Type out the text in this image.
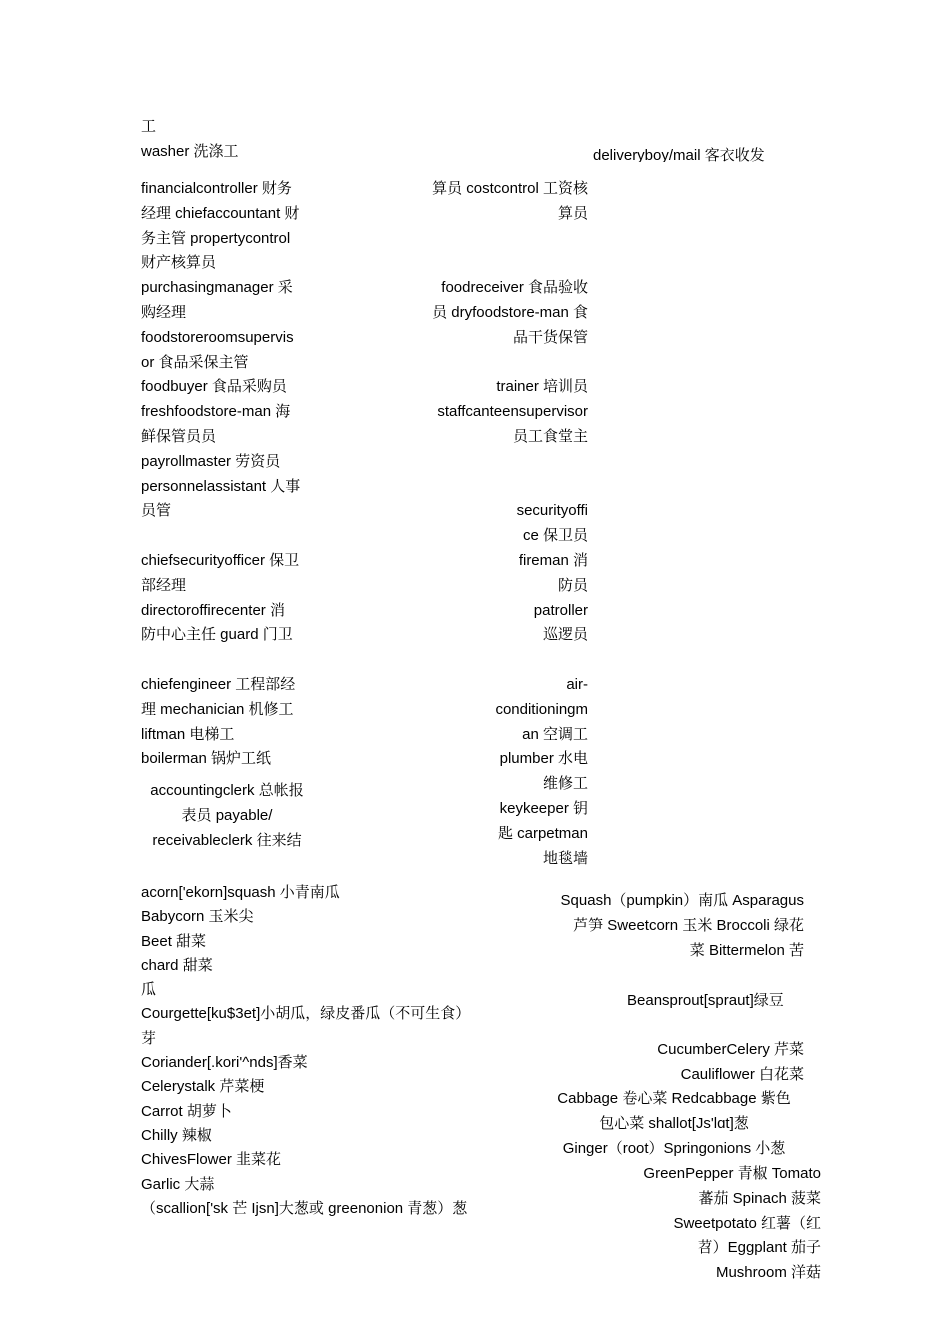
工
washer 洗涤工	deliveryboy/mail 客衣收发
financialcontroller 财务
经理 chiefaccountant 财
务主管 propertycontrol
财产核算员
purchasingmanager 采
购经理
foodstoreroomsupervis
or 食品采保主管
foodbuyer 食品采购员
freshfoodstore-man 海
鲜保管员员
payrollmaster 劳资员
personnelassistant 人事
员管

chiefsecurityofficer 保卫
部经理
directoroffirecenter 消
防中心主任 guard 门卫

chiefengineer 工程部经
理 mechanician 机修工
liftman 电梯工
boilerman 锅炉工纸
accountingclerk 总帐报
表员 payable/
receivableclerk 往来结
算员 costcontrol 工资核
算员

foodreceiver 食品验收
员 dryfoodstore-man 食
品干货保管

trainer 培训员
staffcanteensupervisor
员工食堂主

securityoffi
ce 保卫员
fireman 消
防员
patroller
巡逻员

air-
conditioningm
an 空调工
plumber 水电
维修工
keykeeper 钥
匙 carpetman
地毯墙
acorn['ekorn]squash 小青南瓜
Babycorn 玉米尖
Beet 甜菜
chard 甜菜
瓜
Courgette[ku$3et]小胡瓜，绿皮番瓜（不可生食）
芽
Coriander[.kori'^nds]香菜
Celerystalk 芹菜梗
Carrot 胡萝卜
Chilly 辣椒
ChivesFlower 韭菜花
Garlic 大蒜
（scallion['sk 芒 Ijsn]大葱或 greenonion 青葱）葱
Squash（pumpkin）南瓜 Asparagus
芦笋 Sweetcorn 玉米 Broccoli 绿花
菜 Bittermelon 苦
Beansprout[spraut]绿豆
CucumberCelery 芹菜
Cauliflower 白花菜
Cabbage 卷心菜 Redcabbage 紫色
包心菜 shallot[Js'lɑt]葱
Ginger（root）Springonions 小葱
GreenPepper 青椒 Tomato
蕃茄 Spinach 菠菜
Sweetpotato 红薯（红
苕）Eggplant 茄子
Mushroom 洋菇
